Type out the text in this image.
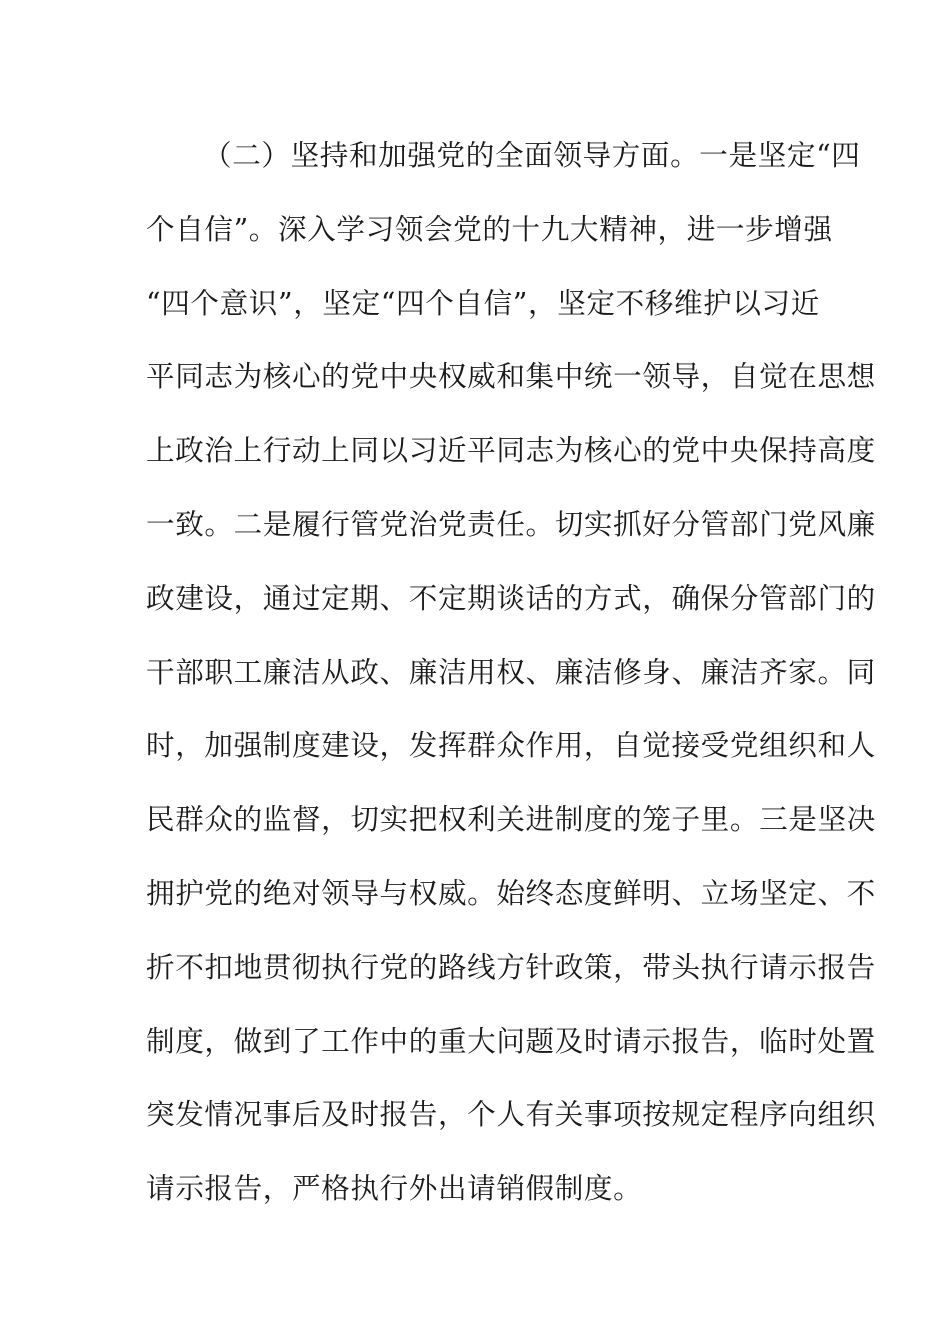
（二）坚持和加强党的全面领导方面。一是坚定“四
个自信”。深入学习领会党的十九大精神，进一步增强
“四个意识”，坚定“四个自信”，坚定不移维护以习近
平同志为核心的党中央权威和集中统一领导，自觉在思想
上政治上行动上同以习近平同志为核心的党中央保持高度
一致。二是履行管党治党责任。切实抓好分管部门党风廉
政建设，通过定期、不定期谈话的方式，确保分管部门的
干部职工廉洁从政、廉洁用权、廉洁修身、廉洁齐家。同
时，加强制度建设，发挥群众作用，自觉接受党组织和人
民群众的监督，切实把权利关进制度的笼子里。三是坚决
拥护党的绝对领导与权威。始终态度鲜明、立场坚定、不
折不扣地贯彻执行党的路线方针政策，带头执行请示报告
制度，做到了工作中的重大问题及时请示报告，临时处置
突发情况事后及时报告，个人有关事项按规定程序向组织
请示报告，严格执行外出请销假制度。
